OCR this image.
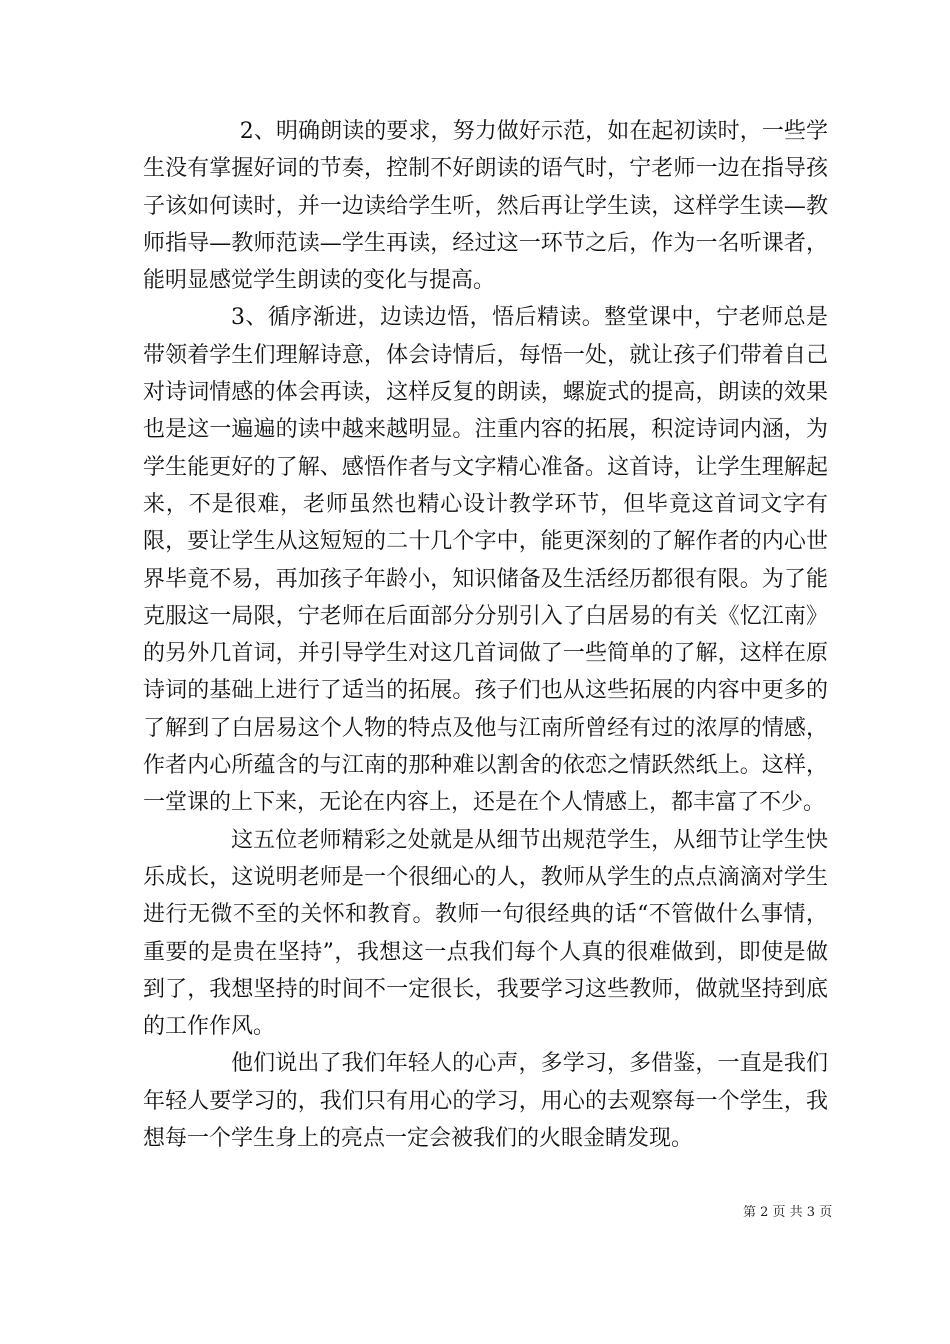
2、明确朗读的要求，努力做好示范，如在起初读时，一些学生没有掌握好词的节奏，控制不好朗读的语气时，宁老师一边在指导孩子该如何读时，并一边读给学生听，然后再让学生读，这样学生读—教师指导—教师范读—学生再读，经过这一环节之后，作为一名听课者，能明显感觉学生朗读的变化与提高。

3、循序渐进，边读边悟，悟后精读。整堂课中，宁老师总是带领着学生们理解诗意，体会诗情后，每悟一处，就让孩子们带着自己对诗词情感的体会再读，这样反复的朗读，螺旋式的提高，朗读的效果也是这一遍遍的读中越来越明显。注重内容的拓展，积淀诗词内涵，为学生能更好的了解、感悟作者与文字精心准备。这首诗，让学生理解起来，不是很难，老师虽然也精心设计教学环节，但毕竟这首词文字有限，要让学生从这短短的二十几个字中，能更深刻的了解作者的内心世界毕竟不易，再加孩子年龄小，知识储备及生活经历都很有限。为了能克服这一局限，宁老师在后面部分分别引入了白居易的有关《忆江南》的另外几首词，并引导学生对这几首词做了一些简单的了解，这样在原诗词的基础上进行了适当的拓展。孩子们也从这些拓展的内容中更多的了解到了白居易这个人物的特点及他与江南所曾经有过的浓厚的情感，作者内心所蕴含的与江南的那种难以割舍的依恋之情跃然纸上。这样，一堂课的上下来，无论在内容上，还是在个人情感上，都丰富了不少。

这五位老师精彩之处就是从细节出规范学生，从细节让学生快乐成长，这说明老师是一个很细心的人，教师从学生的点点滴滴对学生进行无微不至的关怀和教育。教师一句很经典的话“不管做什么事情，重要的是贵在坚持”，我想这一点我们每个人真的很难做到，即使是做到了，我想坚持的时间不一定很长，我要学习这些教师，做就坚持到底的工作作风。

他们说出了我们年轻人的心声，多学习，多借鉴，一直是我们年轻人要学习的，我们只有用心的学习，用心的去观察每一个学生，我想每一个学生身上的亮点一定会被我们的火眼金睛发现。

第 2 页 共 3 页
